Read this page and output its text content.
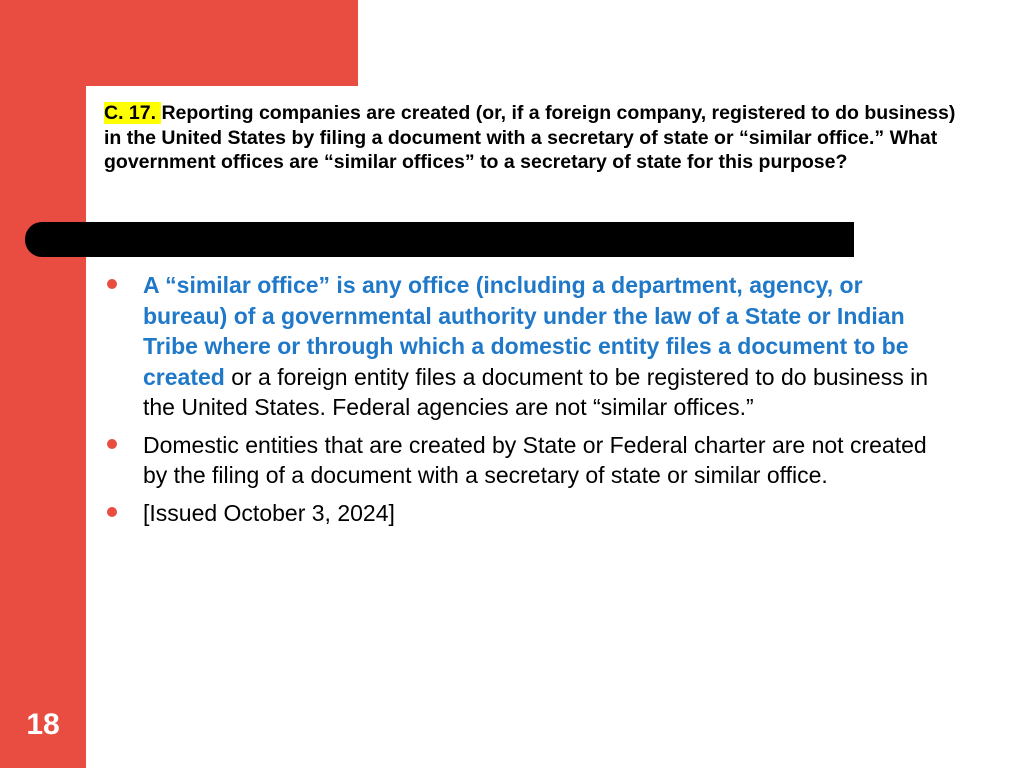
C. 17. Reporting companies are created (or, if a foreign company, registered to do business) in the United States by filing a document with a secretary of state or “similar office.” What government offices are “similar offices” to a secretary of state for this purpose?

A “similar office” is any office (including a department, agency, or bureau) of a governmental authority under the law of a State or Indian Tribe where or through which a domestic entity files a document to be created or a foreign entity files a document to be registered to do business in the United States. Federal agencies are not “similar offices.”
Domestic entities that are created by State or Federal charter are not created by the filing of a document with a secretary of state or similar office.
[Issued October 3, 2024]
18
